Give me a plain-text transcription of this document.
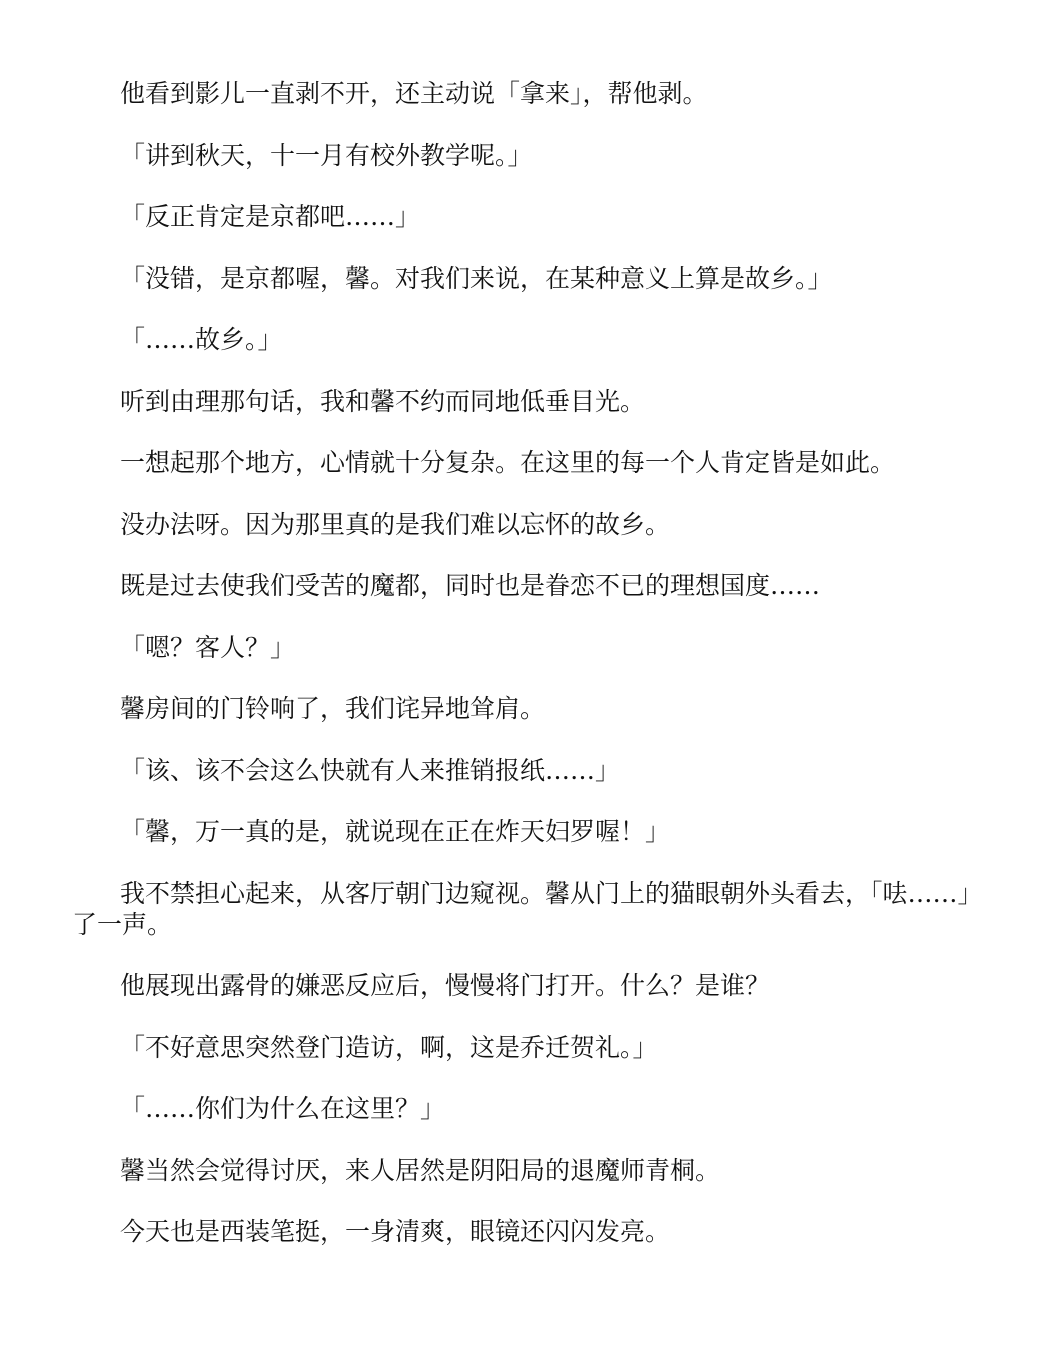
他看到影儿一直剥不开，还主动说「拿来」，帮他剥。

「讲到秋天，十一月有校外教学呢。」

「反正肯定是京都吧……」

「没错，是京都喔，馨。对我们来说，在某种意义上算是故乡。」

「……故乡。」

听到由理那句话，我和馨不约而同地低垂目光。

一想起那个地方，心情就十分复杂。在这里的每一个人肯定皆是如此。

没办法呀。因为那里真的是我们难以忘怀的故乡。

既是过去使我们受苦的魔都，同时也是眷恋不已的理想国度……

「嗯？客人？」

馨房间的门铃响了，我们诧异地耸肩。

「该、该不会这么快就有人来推销报纸……」

「馨，万一真的是，就说现在正在炸天妇罗喔！」

我不禁担心起来，从客厅朝门边窥视。馨从门上的猫眼朝外头看去，「呿……」了一声。

他展现出露骨的嫌恶反应后，慢慢将门打开。什么？是谁？

「不好意思突然登门造访，啊，这是乔迁贺礼。」

「……你们为什么在这里？」

馨当然会觉得讨厌，来人居然是阴阳局的退魔师青桐。

今天也是西装笔挺，一身清爽，眼镜还闪闪发亮。
